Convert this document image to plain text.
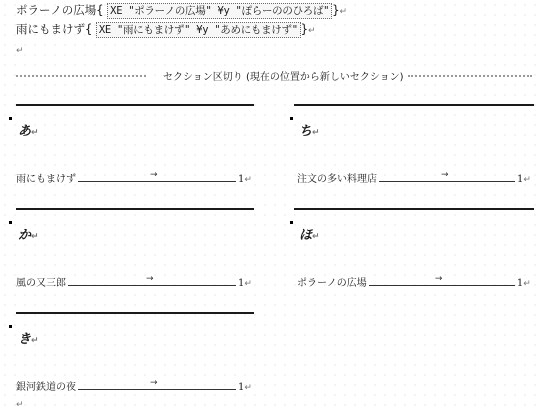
ポラーノの広場{ XE "ポラーノの広場" ¥y "ぽらーののひろば" }↵
雨にもまけず{ XE "雨にもまけず" ¥y "あめにもまけず" }↵
↵
セクション区切り (現在の位置から新しいセクション)
あ↵
雨にもまけず	→	1 ↵
か↵
風の又三郎	→	1 ↵
き↵
銀河鉄道の夜	→	1 ↵
↵
ち↵
注文の多い料理店	→	1 ↵
ほ↵
ポラーノの広場	→	1 ↵
